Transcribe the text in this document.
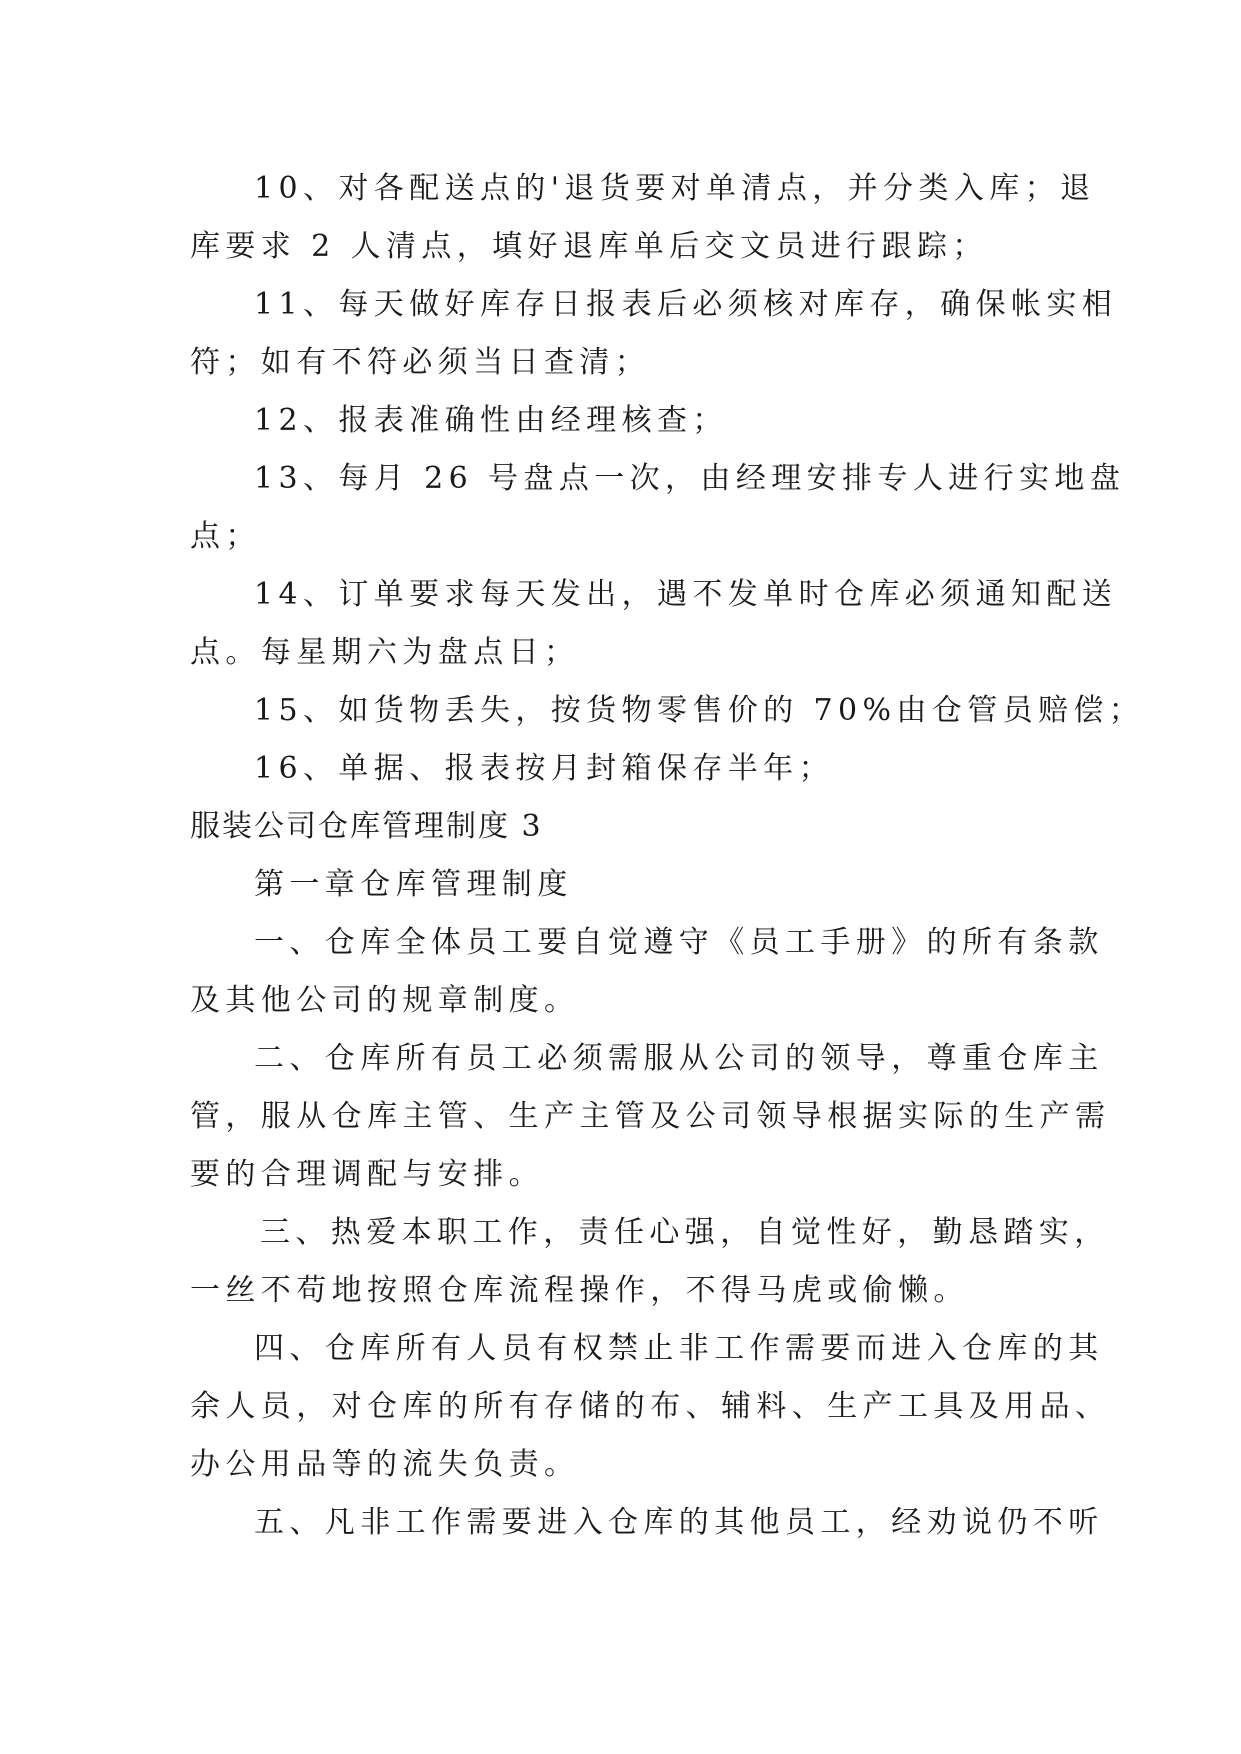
10、对各配送点的'退货要对单清点，并分类入库；退
库要求 2 人清点，填好退库单后交文员进行跟踪；
11、每天做好库存日报表后必须核对库存，确保帐实相
符；如有不符必须当日查清；
12、报表准确性由经理核查；
13、每月 26 号盘点一次，由经理安排专人进行实地盘
点；
14、订单要求每天发出，遇不发单时仓库必须通知配送
点。每星期六为盘点日；
15、如货物丢失，按货物零售价的 70%由仓管员赔偿；
16、单据、报表按月封箱保存半年；
服装公司仓库管理制度 3
第一章仓库管理制度
一、仓库全体员工要自觉遵守《员工手册》的所有条款
及其他公司的规章制度。
二、仓库所有员工必须需服从公司的领导，尊重仓库主
管，服从仓库主管、生产主管及公司领导根据实际的生产需
要的合理调配与安排。
三、热爱本职工作，责任心强，自觉性好，勤恳踏实，
一丝不苟地按照仓库流程操作，不得马虎或偷懒。
四、仓库所有人员有权禁止非工作需要而进入仓库的其
余人员，对仓库的所有存储的布、辅料、生产工具及用品、
办公用品等的流失负责。
五、凡非工作需要进入仓库的其他员工，经劝说仍不听
